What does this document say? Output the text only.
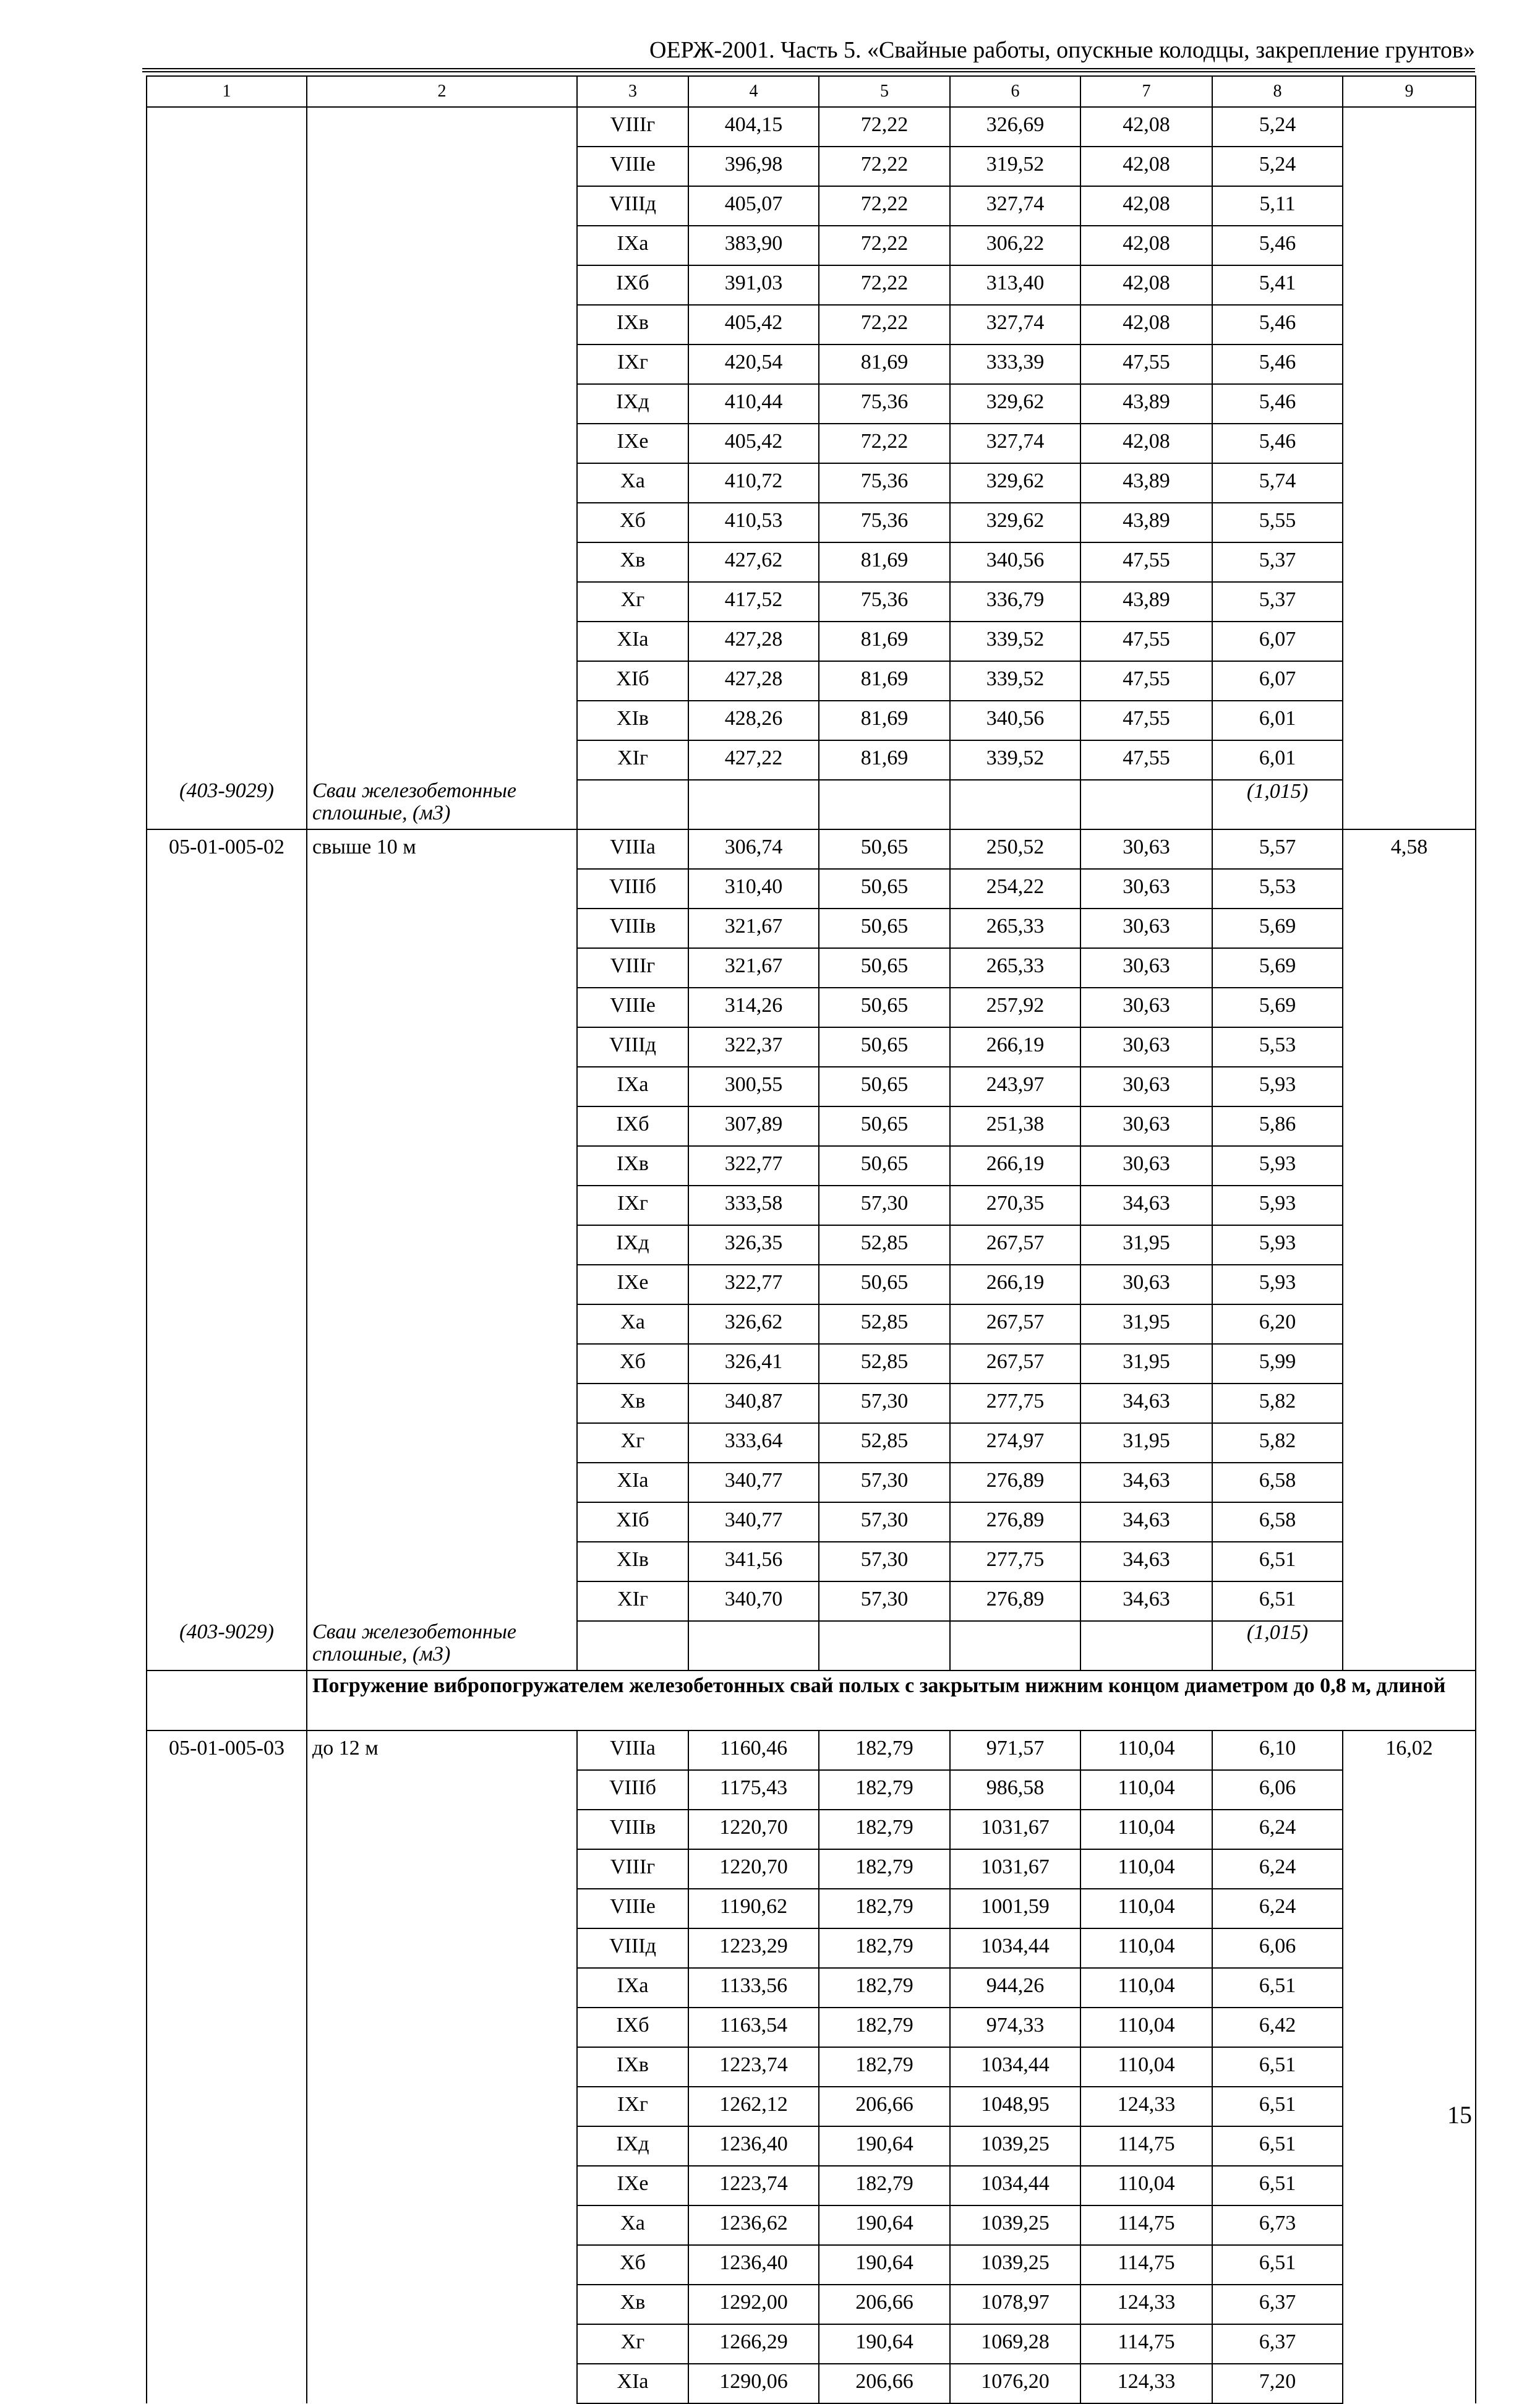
ОЕРЖ-2001. Часть 5. «Свайные работы, опускные колодцы, закрепление грунтов»
1	2	3	4	5	6	7	8	9
		VIIIг	404,15	72,22	326,69	42,08	5,24	
		VIIIe	396,98	72,22	319,52	42,08	5,24	
		VIIIд	405,07	72,22	327,74	42,08	5,11	
		IXa	383,90	72,22	306,22	42,08	5,46	
		IXб	391,03	72,22	313,40	42,08	5,41	
		IXв	405,42	72,22	327,74	42,08	5,46	
		IXг	420,54	81,69	333,39	47,55	5,46	
		IXд	410,44	75,36	329,62	43,89	5,46	
		IXe	405,42	72,22	327,74	42,08	5,46	
		Xa	410,72	75,36	329,62	43,89	5,74	
		Xб	410,53	75,36	329,62	43,89	5,55	
		Xв	427,62	81,69	340,56	47,55	5,37	
		Xг	417,52	75,36	336,79	43,89	5,37	
		XIa	427,28	81,69	339,52	47,55	6,07	
		XIб	427,28	81,69	339,52	47,55	6,07	
		XIв	428,26	81,69	340,56	47,55	6,01	
		XIг	427,22	81,69	339,52	47,55	6,01	
(403-9029)	Сваи железобетонные сплошные, (м3)						(1,015)	
05-01-005-02	свыше 10 м	VIIIa	306,74	50,65	250,52	30,63	5,57	4,58
		VIIIб	310,40	50,65	254,22	30,63	5,53	
		VIIIв	321,67	50,65	265,33	30,63	5,69	
		VIIIг	321,67	50,65	265,33	30,63	5,69	
		VIIIe	314,26	50,65	257,92	30,63	5,69	
		VIIIд	322,37	50,65	266,19	30,63	5,53	
		IXa	300,55	50,65	243,97	30,63	5,93	
		IXб	307,89	50,65	251,38	30,63	5,86	
		IXв	322,77	50,65	266,19	30,63	5,93	
		IXг	333,58	57,30	270,35	34,63	5,93	
		IXд	326,35	52,85	267,57	31,95	5,93	
		IXe	322,77	50,65	266,19	30,63	5,93	
		Xa	326,62	52,85	267,57	31,95	6,20	
		Xб	326,41	52,85	267,57	31,95	5,99	
		Xв	340,87	57,30	277,75	34,63	5,82	
		Xг	333,64	52,85	274,97	31,95	5,82	
		XIa	340,77	57,30	276,89	34,63	6,58	
		XIб	340,77	57,30	276,89	34,63	6,58	
		XIв	341,56	57,30	277,75	34,63	6,51	
		XIг	340,70	57,30	276,89	34,63	6,51	
(403-9029)	Сваи железобетонные сплошные, (м3)						(1,015)	
	Погружение вибропогружателем железобетонных свай полых с закрытым нижним концом диаметром до 0,8 м, длиной							
05-01-005-03	до 12 м	VIIIa	1160,46	182,79	971,57	110,04	6,10	16,02
		VIIIб	1175,43	182,79	986,58	110,04	6,06	
		VIIIв	1220,70	182,79	1031,67	110,04	6,24	
		VIIIг	1220,70	182,79	1031,67	110,04	6,24	
		VIIIe	1190,62	182,79	1001,59	110,04	6,24	
		VIIIд	1223,29	182,79	1034,44	110,04	6,06	
		IXa	1133,56	182,79	944,26	110,04	6,51	
		IXб	1163,54	182,79	974,33	110,04	6,42	
		IXв	1223,74	182,79	1034,44	110,04	6,51	
		IXг	1262,12	206,66	1048,95	124,33	6,51	
		IXд	1236,40	190,64	1039,25	114,75	6,51	
		IXe	1223,74	182,79	1034,44	110,04	6,51	
		Xa	1236,62	190,64	1039,25	114,75	6,73	
		Xб	1236,40	190,64	1039,25	114,75	6,51	
		Xв	1292,00	206,66	1078,97	124,33	6,37	
		Xг	1266,29	190,64	1069,28	114,75	6,37	
		XIa	1290,06	206,66	1076,20	124,33	7,20	
15
